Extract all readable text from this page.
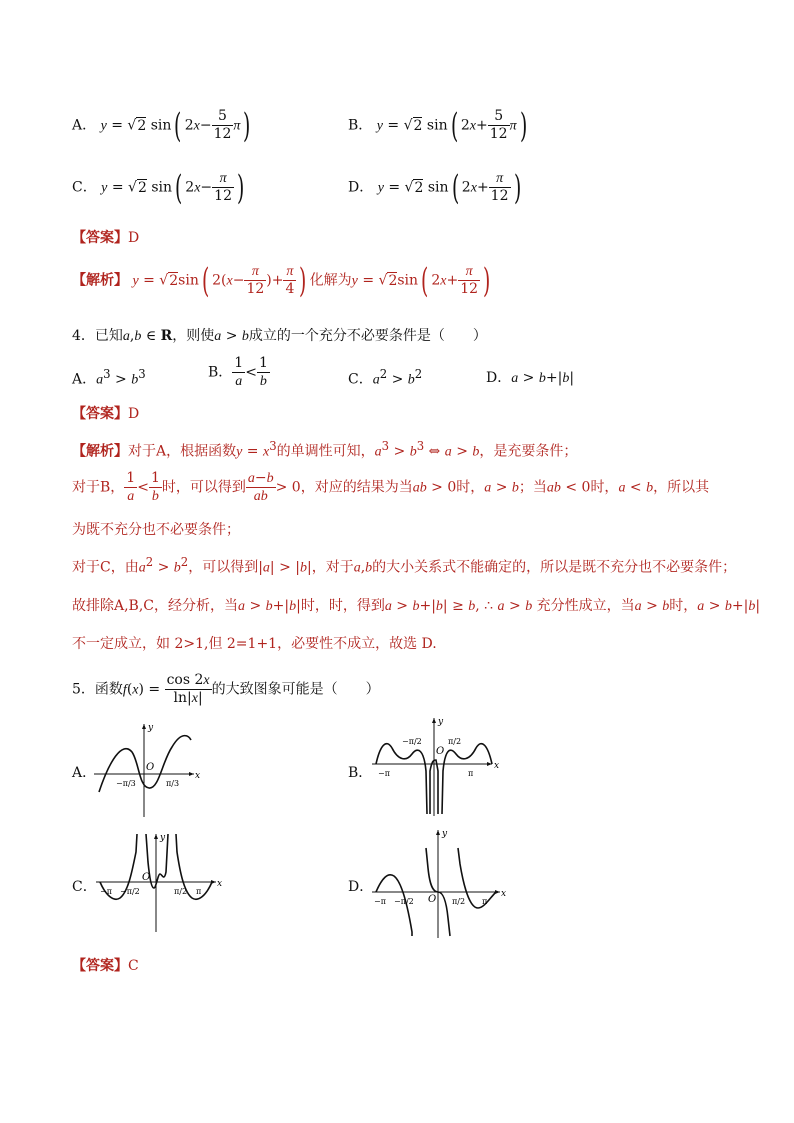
A． y = √2 sin( $2x- \frac{5}{12} \pi$)	B． y = √2 sin( $2x+ \frac{5}{12} \pi$)
C． y = √2 sin( $2x- \frac{\pi}{12}$ )	D． y = √2 sin( $2x+ \frac{\pi}{12}$ )
【答案】D
【解析】 y = √2sin( $2(x- \frac{\pi}{12}$ )+ $\frac{\pi}{4}$ ) 化解为y = √2sin( $2x+ \frac{\pi}{12}$ )
4．已知a,b ∈ R，则使a > b成立的一个充分不必要条件是（　　）
A．$a^3 > b^3$	B． $\frac{1}{a} < \frac{1}{b}$	C．$a^2 > b^2$	D．a > b+|b|
【答案】D
【解析】对于A，根据函数$y = x^3$的单调性可知，$a^3 > b^3$ ⇔ a > b，是充要条件；
对于B， $\frac{1}{a} < \frac{1}{b}$ 时，可以得到 $\frac{a-b}{ab} > 0$，对应的结果为当ab > 0时，a > b；当ab < 0时，a < b，所以其
为既不充分也不必要条件；
对于C，由$a^2 > b^2$，可以得到|a| > |b|，对于a,b的大小关系式不能确定的，所以是既不充分也不必要条件；
故排除A,B,C，经分析，当a > b+|b|时，时，得到a > b+|b| ≥ b, ∴ a > b 充分性成立，当a > b时，a > b+|b|
不一定成立，如 2>1,但 2=1+1，必要性不成立，故选 D.
5．函数$f(x) = \frac{\cos 2x}{\ln|x|}$ 的大致图象可能是（　　）
A．
y
x
O
−π/3	π/3
B．
y
x
O
−π
−π/2	π/2
π
C．
y
x
O
−π −π/2	π/2 π	D．
y
x
O
−π −π/2	π/2 π
【答案】C
